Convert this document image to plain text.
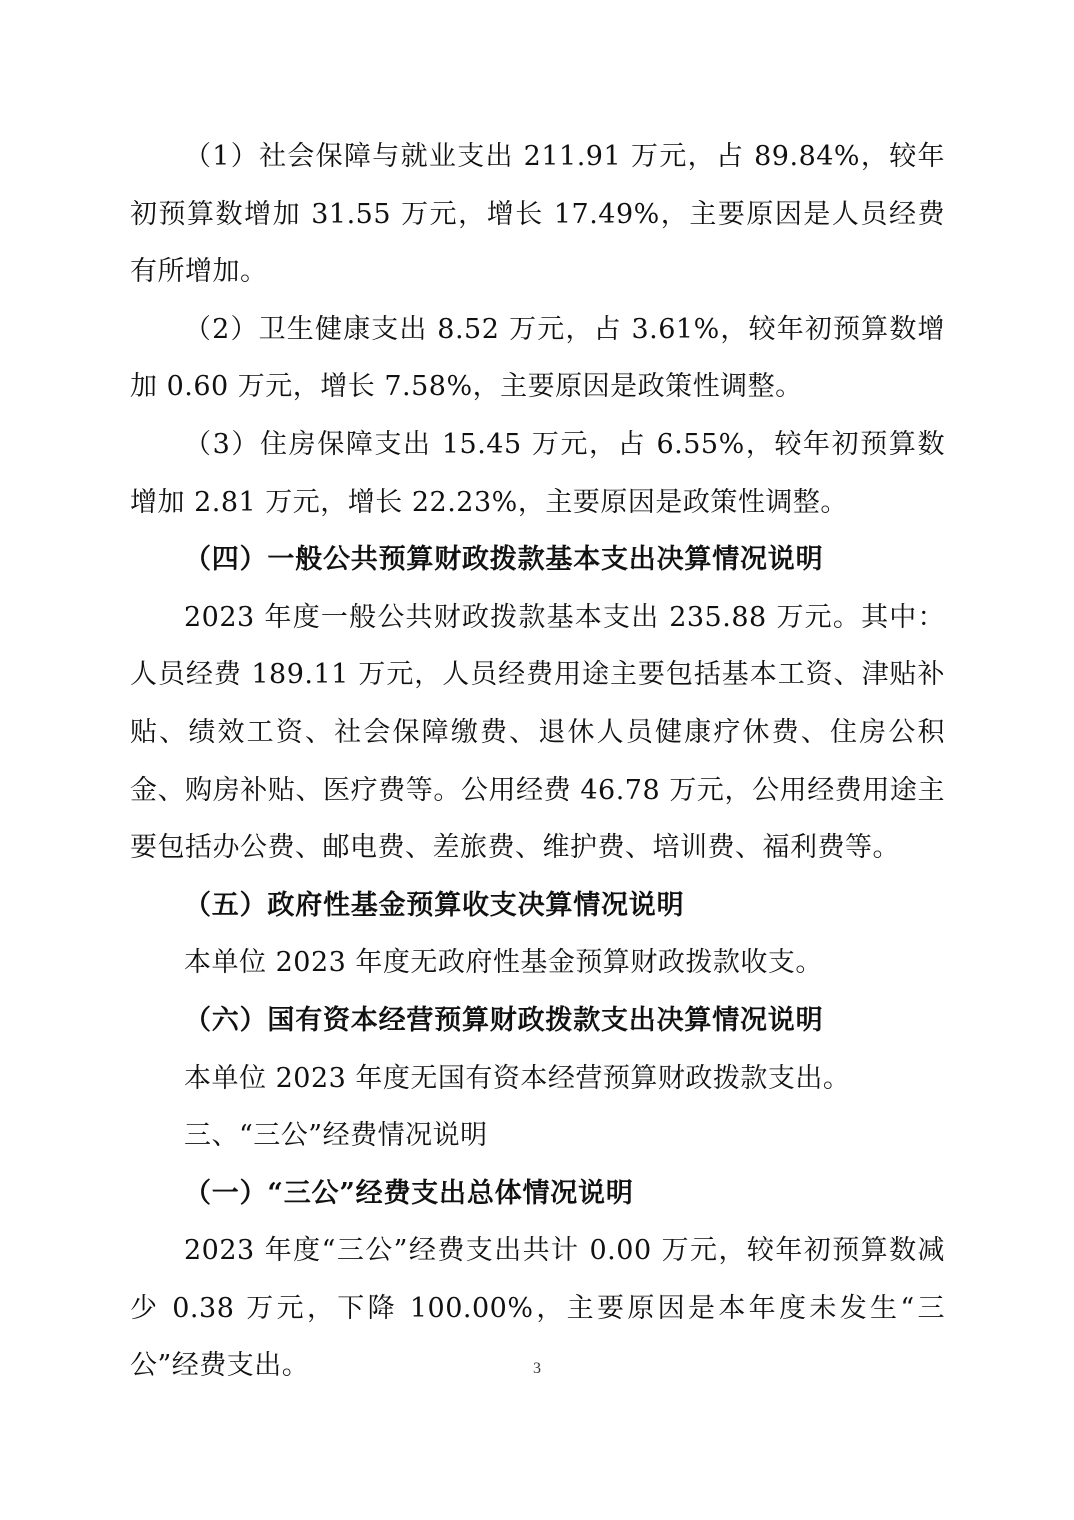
（1）社会保障与就业支出 211.91 万元，占 89.84%，较年初预算数增加 31.55 万元，增长 17.49%，主要原因是人员经费有所增加。

（2）卫生健康支出 8.52 万元，占 3.61%，较年初预算数增加 0.60 万元，增长 7.58%，主要原因是政策性调整。

（3）住房保障支出 15.45 万元，占 6.55%，较年初预算数增加 2.81 万元，增长 22.23%，主要原因是政策性调整。

（四）一般公共预算财政拨款基本支出决算情况说明

2023 年度一般公共财政拨款基本支出 235.88 万元。其中：人员经费 189.11 万元，人员经费用途主要包括基本工资、津贴补贴、绩效工资、社会保障缴费、退休人员健康疗休费、住房公积金、购房补贴、医疗费等。公用经费 46.78 万元，公用经费用途主要包括办公费、邮电费、差旅费、维护费、培训费、福利费等。

（五）政府性基金预算收支决算情况说明

本单位 2023 年度无政府性基金预算财政拨款收支。

（六）国有资本经营预算财政拨款支出决算情况说明

本单位 2023 年度无国有资本经营预算财政拨款支出。

三、“三公”经费情况说明

（一）“三公”经费支出总体情况说明

2023 年度“三公”经费支出共计 0.00 万元，较年初预算数减少 0.38 万元，下降 100.00%，主要原因是本年度未发生“三公”经费支出。	3
